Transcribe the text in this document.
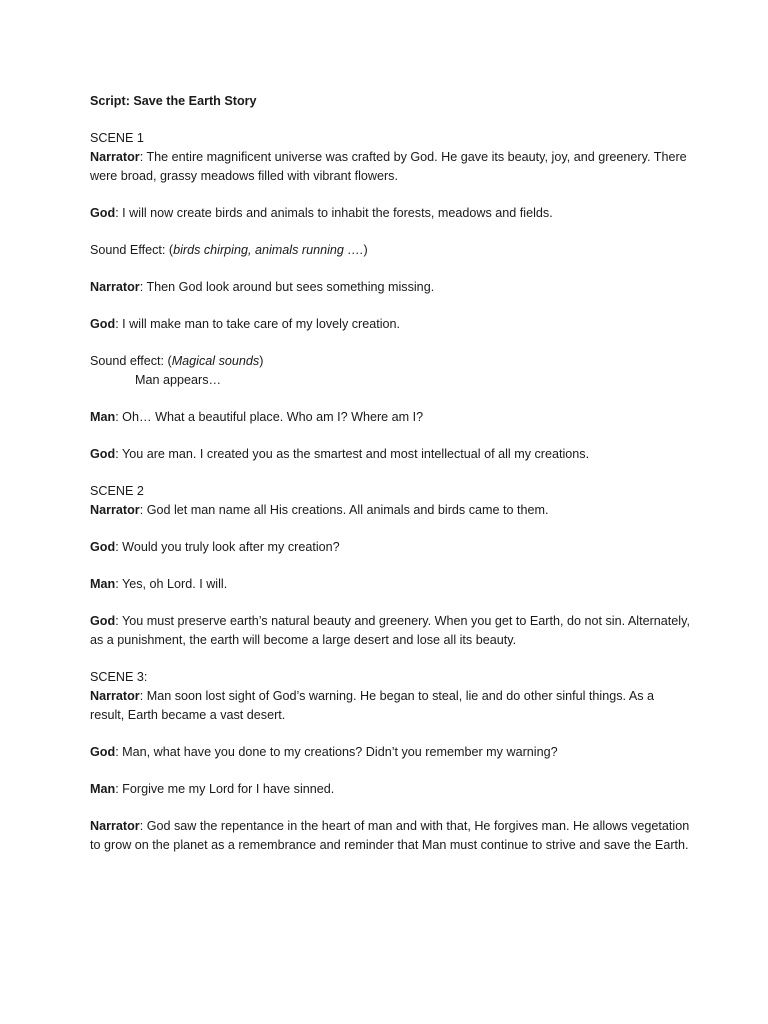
Script: Save the Earth Story
SCENE 1
Narrator: The entire magnificent universe was crafted by God. He gave its beauty, joy, and greenery. There were broad, grassy meadows filled with vibrant flowers.
God: I will now create birds and animals to inhabit the forests, meadows and fields.
Sound Effect: (birds chirping, animals running ….)
Narrator: Then God look around but sees something missing.
God: I will make man to take care of my lovely creation.
Sound effect: (Magical sounds)
Man appears…
Man: Oh… What a beautiful place. Who am I? Where am I?
God: You are man. I created you as the smartest and most intellectual of all my creations.
SCENE 2
Narrator: God let man name all His creations. All animals and birds came to them.
God: Would you truly look after my creation?
Man: Yes, oh Lord. I will.
God: You must preserve earth’s natural beauty and greenery. When you get to Earth, do not sin. Alternately, as a punishment, the earth will become a large desert and lose all its beauty.
SCENE 3:
Narrator: Man soon lost sight of God’s warning. He began to steal, lie and do other sinful things. As a result, Earth became a vast desert.
God: Man, what have you done to my creations? Didn’t you remember my warning?
Man: Forgive me my Lord for I have sinned.
Narrator: God saw the repentance in the heart of man and with that, He forgives man. He allows vegetation to grow on the planet as a remembrance and reminder that Man must continue to strive and save the Earth.
